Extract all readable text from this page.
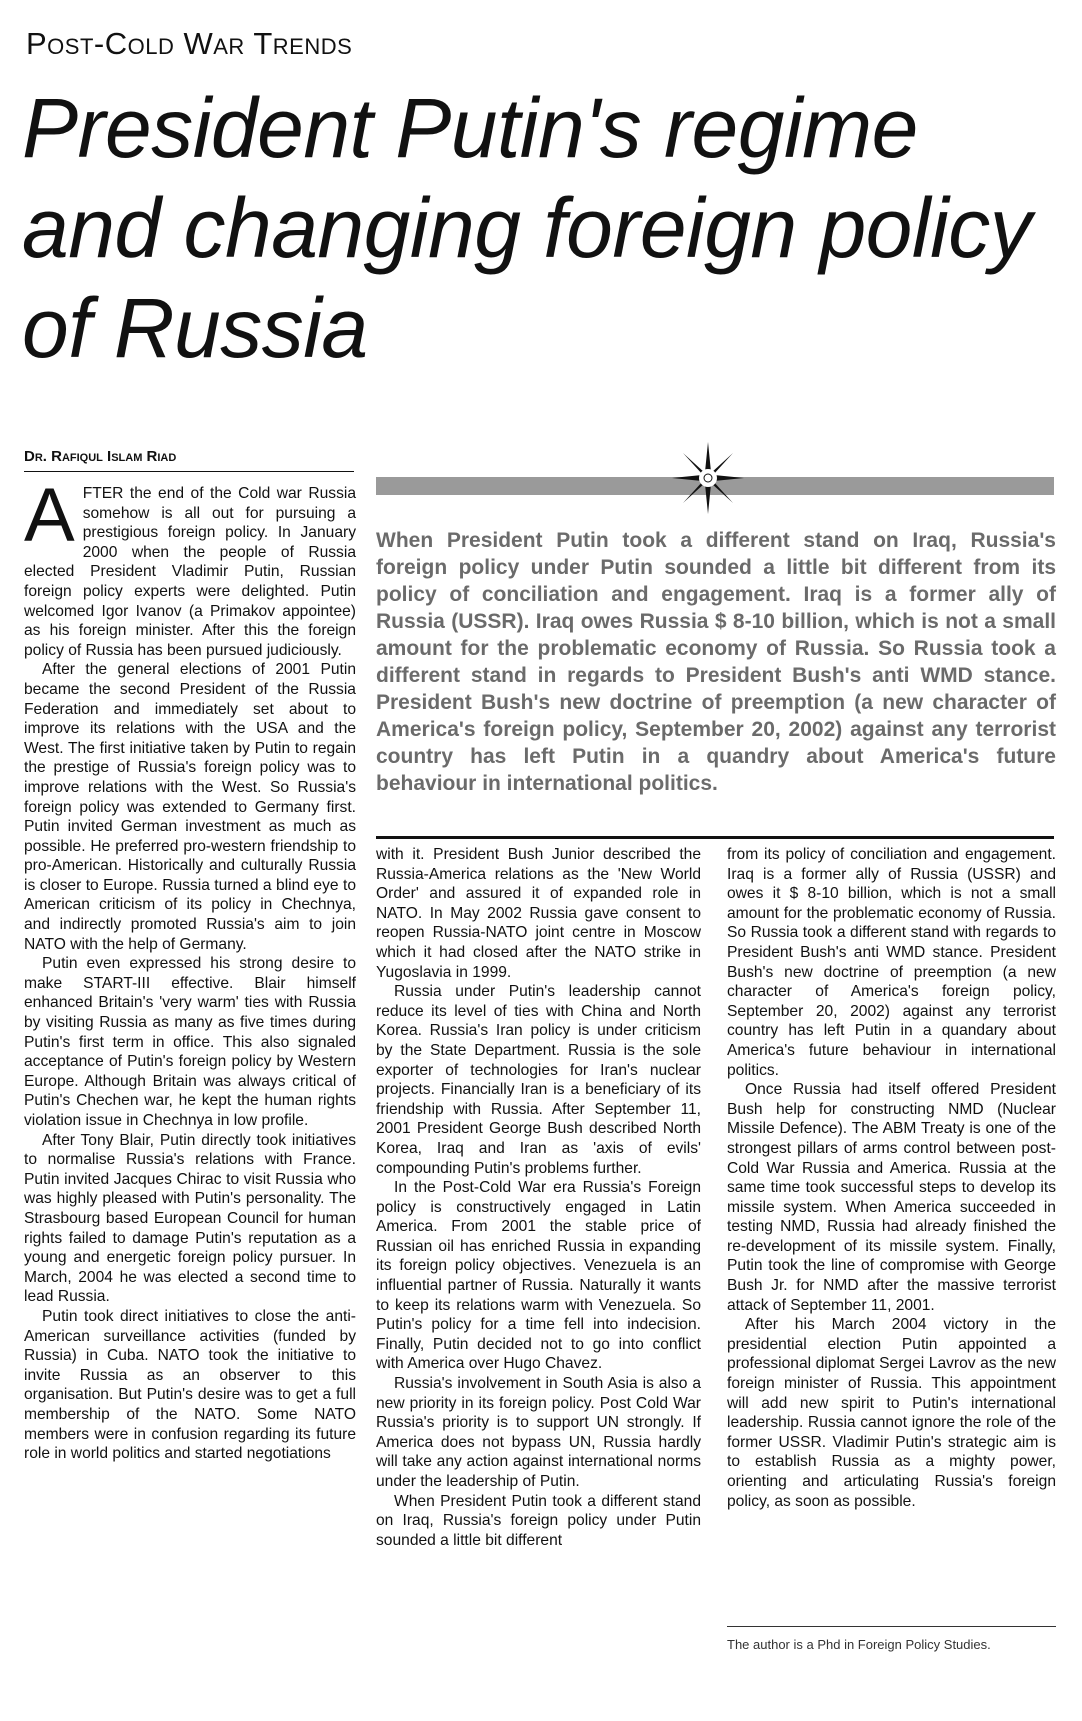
Post-Cold War Trends
President Putin's regime and changing foreign policy of Russia
Dr. Rafiqul Islam Riad

AFTER the end of the Cold war Russia somehow is all out for pursuing a prestigious foreign policy. In January 2000 when the people of Russia elected President Vladimir Putin, Russian foreign policy experts were delighted. Putin welcomed Igor Ivanov (a Primakov appointee) as his foreign minister. After this the foreign policy of Russia has been pursued judiciously.

After the general elections of 2001 Putin became the second President of the Russia Federation and immediately set about to improve its relations with the USA and the West. The first initiative taken by Putin to regain the prestige of Russia's foreign policy was to improve relations with the West. So Russia's foreign policy was extended to Germany first. Putin invited German investment as much as possible. He preferred pro-western friendship to pro-American. Historically and culturally Russia is closer to Europe. Russia turned a blind eye to American criticism of its policy in Chechnya, and indirectly promoted Russia's aim to join NATO with the help of Germany.

Putin even expressed his strong desire to make START-III effective. Blair himself enhanced Britain's 'very warm' ties with Russia by visiting Russia as many as five times during Putin's first term in office. This also signaled acceptance of Putin's foreign policy by Western Europe. Although Britain was always critical of Putin's Chechen war, he kept the human rights violation issue in Chechnya in low profile.

After Tony Blair, Putin directly took initiatives to normalise Russia's relations with France. Putin invited Jacques Chirac to visit Russia who was highly pleased with Putin's personality. The Strasbourg based European Council for human rights failed to damage Putin's reputation as a young and energetic foreign policy pursuer. In March, 2004 he was elected a second time to lead Russia.

Putin took direct initiatives to close the anti-American surveillance activities (funded by Russia) in Cuba. NATO took the initiative to invite Russia as an observer to this organisation. But Putin's desire was to get a full membership of the NATO. Some NATO members were in confusion regarding its future role in world politics and started negotiations

When President Putin took a different stand on Iraq, Russia's foreign policy under Putin sounded a little bit different from its policy of conciliation and engagement. Iraq is a former ally of Russia (USSR). Iraq owes Russia $ 8-10 billion, which is not a small amount for the problematic economy of Russia. So Russia took a different stand in regards to President Bush's anti WMD stance. President Bush's new doctrine of preemption (a new character of America's foreign policy, September 20, 2002) against any terrorist country has left Putin in a quandry about America's future behaviour in international politics.

with it. President Bush Junior described the Russia-America relations as the 'New World Order' and assured it of expanded role in NATO. In May 2002 Russia gave consent to reopen Russia-NATO joint centre in Moscow which it had closed after the NATO strike in Yugoslavia in 1999.

Russia under Putin's leadership cannot reduce its level of ties with China and North Korea. Russia's Iran policy is under criticism by the State Department. Russia is the sole exporter of technologies for Iran's nuclear projects. Financially Iran is a beneficiary of its friendship with Russia. After September 11, 2001 President George Bush described North Korea, Iraq and Iran as 'axis of evils' compounding Putin's problems further.

In the Post-Cold War era Russia's Foreign policy is constructively engaged in Latin America. From 2001 the stable price of Russian oil has enriched Russia in expanding its foreign policy objectives. Venezuela is an influential partner of Russia. Naturally it wants to keep its relations warm with Venezuela. So Putin's policy for a time fell into indecision. Finally, Putin decided not to go into conflict with America over Hugo Chavez.

Russia's involvement in South Asia is also a new priority in its foreign policy. Post Cold War Russia's priority is to support UN strongly. If America does not bypass UN, Russia hardly will take any action against international norms under the leadership of Putin.

When President Putin took a different stand on Iraq, Russia's foreign policy under Putin sounded a little bit different

from its policy of conciliation and engagement. Iraq is a former ally of Russia (USSR) and owes it $ 8-10 billion, which is not a small amount for the problematic economy of Russia. So Russia took a different stand with regards to President Bush's anti WMD stance. President Bush's new doctrine of preemption (a new character of America's foreign policy, September 20, 2002) against any terrorist country has left Putin in a quandary about America's future behaviour in international politics.

Once Russia had itself offered President Bush help for constructing NMD (Nuclear Missile Defence). The ABM Treaty is one of the strongest pillars of arms control between post-Cold War Russia and America. Russia at the same time took successful steps to develop its missile system. When America succeeded in testing NMD, Russia had already finished the re-development of its missile system. Finally, Putin took the line of compromise with George Bush Jr. for NMD after the massive terrorist attack of September 11, 2001.

After his March 2004 victory in the presidential election Putin appointed a professional diplomat Sergei Lavrov as the new foreign minister of Russia. This appointment will add new spirit to Putin's international leadership. Russia cannot ignore the role of the former USSR. Vladimir Putin's strategic aim is to establish Russia as a mighty power, orienting and articulating Russia's foreign policy, as soon as possible.

The author is a Phd in Foreign Policy Studies.
